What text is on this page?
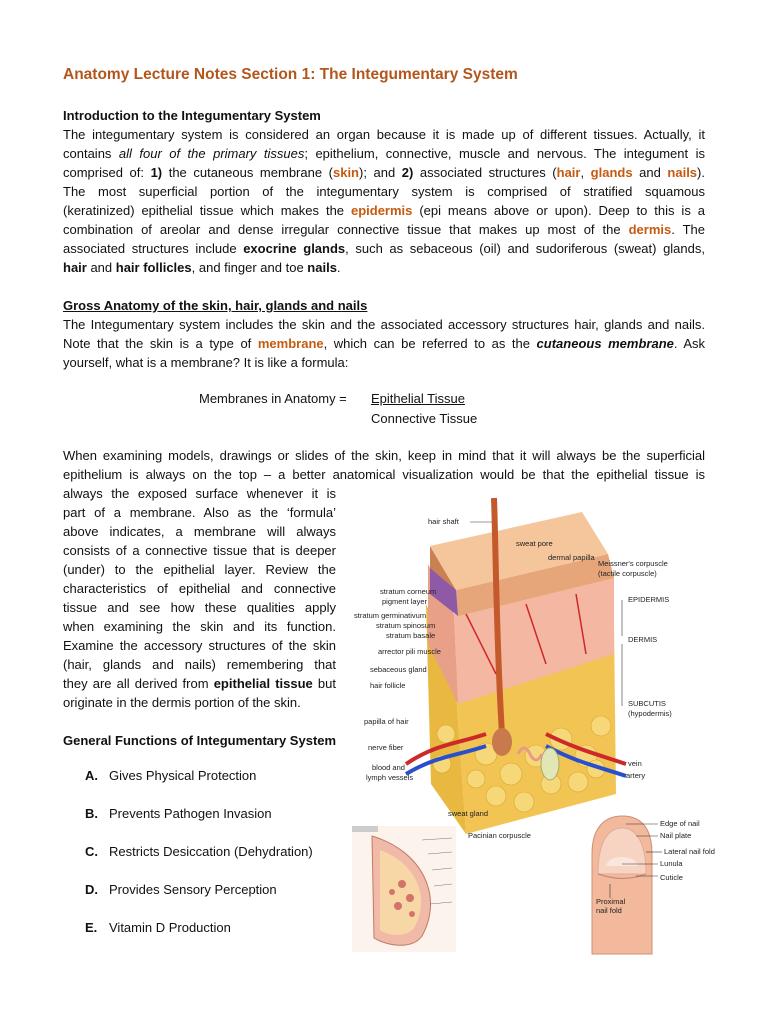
Anatomy Lecture Notes Section 1: The Integumentary System
Introduction to the Integumentary System
The integumentary system is considered an organ because it is made up of different tissues. Actually, it
contains all four of the primary tissues; epithelium, connective, muscle and nervous. The integument is
comprised of: 1) the cutaneous membrane (skin); and 2) associated structures (hair, glands and nails).
The most superficial portion of the integumentary system is comprised of stratified squamous
(keratinized) epithelial tissue which makes the epidermis (epi means above or upon). Deep to this is a
combination of areolar and dense irregular connective tissue that makes up most of the dermis. The
associated structures include exocrine glands, such as sebaceous (oil) and sudoriferous (sweat) glands,
hair and hair follicles, and finger and toe nails.
Gross Anatomy of the skin, hair, glands and nails
The Integumentary system includes the skin and the associated accessory structures hair, glands and nails.
Note that the skin is a type of membrane, which can be referred to as the cutaneous membrane. Ask
yourself, what is a membrane? It is like a formula:
Membranes in Anatomy = Epithelial Tissue
Connective Tissue
When examining models, drawings or slides of the skin, keep in mind that it will always be the superficial
epithelium is always on the top – a better anatomical visualization would be that the epithelial tissue is
always the exposed surface whenever it is
part of a membrane. Also as the ‘formula’
above indicates, a membrane will always
consists of a connective tissue that is deeper
(under) to the epithelial layer. Review the
characteristics of epithelial and connective
tissue and see how these qualities apply
when examining the skin and its function.
Examine the accessory structures of the skin
(hair, glands and nails) remembering that
they are all derived from epithelial tissue but
originate in the dermis portion of the skin.
General Functions of Integumentary System
A. Gives Physical Protection
B. Prevents Pathogen Invasion
C. Restricts Desiccation (Dehydration)
D. Provides Sensory Perception
E. Vitamin D Production
hair shaft
sweat pore
dermal papilla
Meissner's corpuscle
(tactile corpuscle)
stratum corneum
pigment layer
stratum germinativum
stratum spinosum
stratum basale
arrector pili muscle
sebaceous gland
hair follicle
papilla of hair
nerve fiber
blood and
lymph vessels
sweat gland
Pacinian corpuscle
EPIDERMIS
DERMIS
SUBCUTIS
(hypodermis)
vein
artery
Edge of nail
Nail plate
Lateral nail fold
Lunula
Cuticle
Proximal
nail fold
